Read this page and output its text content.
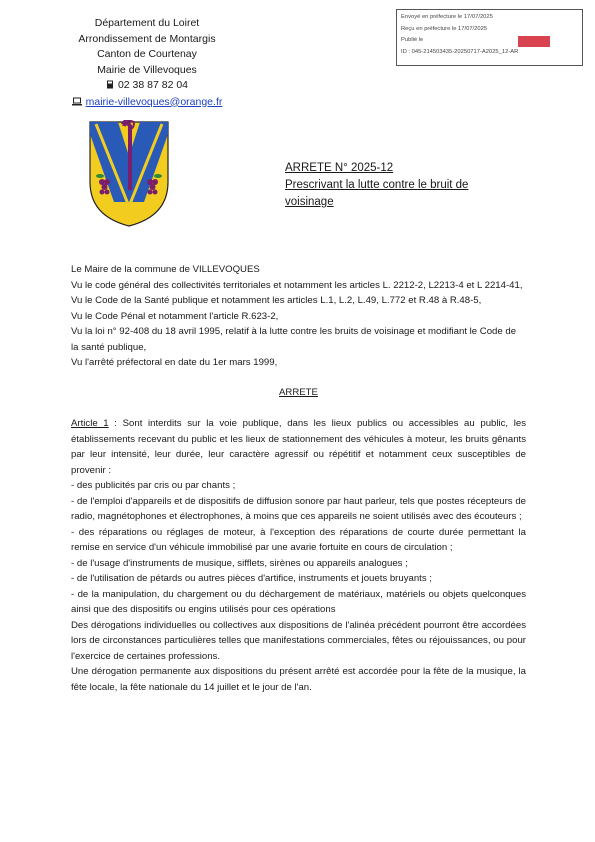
Département du Loiret
Arrondissement de Montargis
Canton de Courtenay
Mairie de Villevoques
02 38 87 82 04
mairie-villevoques@orange.fr
Envoyé en préfecture le 17/07/2025
Reçu en préfecture le 17/07/2025
Publié le
ID : 045-214503435-20250717-A2025_12-AR
ARRETE N° 2025-12
Prescrivant la lutte contre le bruit de
voisinage

Le Maire de la commune de VILLEVOQUES

Vu le code général des collectivités territoriales et notamment les articles L. 2212-2, L2213-4 et L 2214-41,

Vu le Code de la Santé publique et notamment les articles L.1, L.2, L.49, L.772 et R.48 à R.48-5,

Vu le Code Pénal et notamment l'article R.623-2,

Vu la loi n° 92-408 du 18 avril 1995, relatif à la lutte contre les bruits de voisinage et modifiant le Code de la santé publique,

Vu l'arrêté préfectoral en date du 1er mars 1999,

ARRETE

Article 1 : Sont interdits sur la voie publique, dans les lieux publics ou accessibles au public, les établissements recevant du public et les lieux de stationnement des véhicules à moteur, les bruits gênants par leur intensité, leur durée, leur caractère agressif ou répétitif et notamment ceux susceptibles de provenir :

- des publicités par cris ou par chants ;

- de l'emploi d'appareils et de dispositifs de diffusion sonore par haut parleur, tels que postes récepteurs de radio, magnétophones et électrophones, à moins que ces appareils ne soient utilisés avec des écouteurs ;

- des réparations ou réglages de moteur, à l'exception des réparations de courte durée permettant la remise en service d'un véhicule immobilisé par une avarie fortuite en cours de circulation ;

- de l'usage d'instruments de musique, sifflets, sirènes ou appareils analogues ;

- de l'utilisation de pétards ou autres pièces d'artifice, instruments et jouets bruyants ;

- de la manipulation, du chargement ou du déchargement de matériaux, matériels ou objets quelconques ainsi que des dispositifs ou engins utilisés pour ces opérations

Des dérogations individuelles ou collectives aux dispositions de l'alinéa précédent pourront être accordées lors de circonstances particulières telles que manifestations commerciales, fêtes ou réjouissances, ou pour l'exercice de certaines professions.

Une dérogation permanente aux dispositions du présent arrêté est accordée pour la fête de la musique, la fête locale, la fête nationale du 14 juillet et le jour de l'an.
